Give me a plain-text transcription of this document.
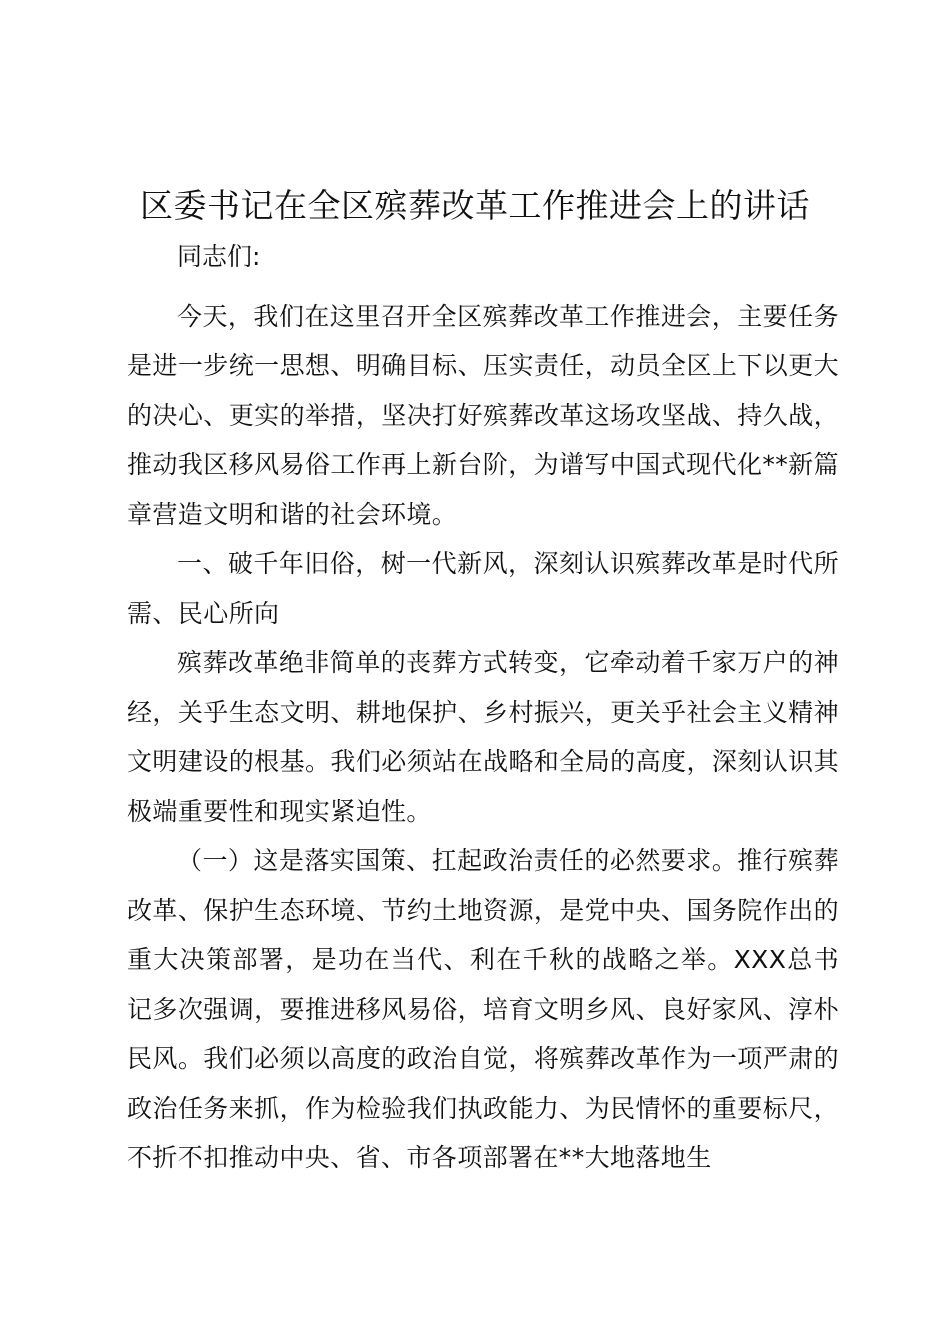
区委书记在全区殡葬改革工作推进会上的讲话

同志们:

今天，我们在这里召开全区殡葬改革工作推进会，主要任务是进一步统一思想、明确目标、压实责任，动员全区上下以更大的决心、更实的举措，坚决打好殡葬改革这场攻坚战、持久战，推动我区移风易俗工作再上新台阶，为谱写中国式现代化**新篇章营造文明和谐的社会环境。

一、破千年旧俗，树一代新风，深刻认识殡葬改革是时代所需、民心所向

殡葬改革绝非简单的丧葬方式转变，它牵动着千家万户的神经，关乎生态文明、耕地保护、乡村振兴，更关乎社会主义精神文明建设的根基。我们必须站在战略和全局的高度，深刻认识其极端重要性和现实紧迫性。

（一）这是落实国策、扛起政治责任的必然要求。推行殡葬改革、保护生态环境、节约土地资源，是党中央、国务院作出的重大决策部署，是功在当代、利在千秋的战略之举。XXX总书记多次强调，要推进移风易俗，培育文明乡风、良好家风、淳朴民风。我们必须以高度的政治自觉，将殡葬改革作为一项严肃的政治任务来抓，作为检验我们执政能力、为民情怀的重要标尺，不折不扣推动中央、省、市各项部署在**大地落地生
